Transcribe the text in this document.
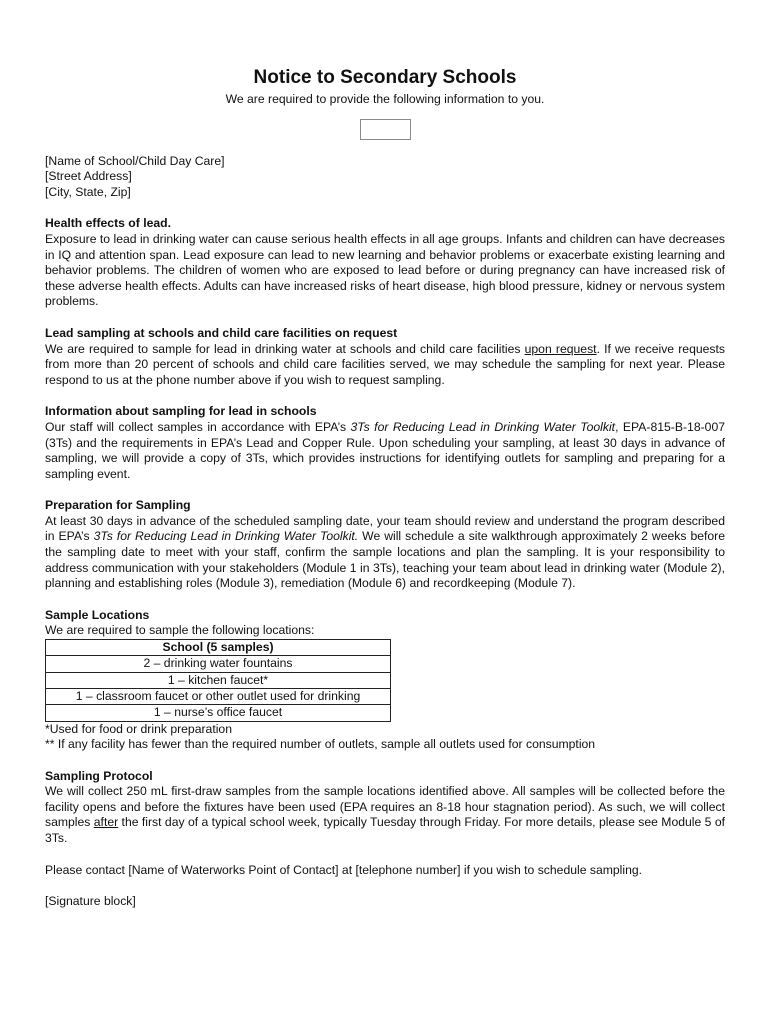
Notice to Secondary Schools

We are required to provide the following information to you.

[Name of School/Child Day Care]
[Street Address]
[City, State, Zip]

Health effects of lead.

Exposure to lead in drinking water can cause serious health effects in all age groups. Infants and children can have decreases in IQ and attention span. Lead exposure can lead to new learning and behavior problems or exacerbate existing learning and behavior problems. The children of women who are exposed to lead before or during pregnancy can have increased risk of these adverse health effects. Adults can have increased risks of heart disease, high blood pressure, kidney or nervous system problems.

Lead sampling at schools and child care facilities on request

We are required to sample for lead in drinking water at schools and child care facilities upon request. If we receive requests from more than 20 percent of schools and child care facilities served, we may schedule the sampling for next year. Please respond to us at the phone number above if you wish to request sampling.

Information about sampling for lead in schools

Our staff will collect samples in accordance with EPA’s 3Ts for Reducing Lead in Drinking Water Toolkit, EPA-815-B-18-007 (3Ts) and the requirements in EPA’s Lead and Copper Rule. Upon scheduling your sampling, at least 30 days in advance of sampling, we will provide a copy of 3Ts, which provides instructions for identifying outlets for sampling and preparing for a sampling event.

Preparation for Sampling

At least 30 days in advance of the scheduled sampling date, your team should review and understand the program described in EPA’s 3Ts for Reducing Lead in Drinking Water Toolkit. We will schedule a site walkthrough approximately 2 weeks before the sampling date to meet with your staff, confirm the sample locations and plan the sampling. It is your responsibility to address communication with your stakeholders (Module 1 in 3Ts), teaching your team about lead in drinking water (Module 2), planning and establishing roles (Module 3), remediation (Module 6) and recordkeeping (Module 7).

Sample Locations

We are required to sample the following locations:

School (5 samples)
2 – drinking water fountains
1 – kitchen faucet*
1 – classroom faucet or other outlet used for drinking
1 – nurse’s office faucet

*Used for food or drink preparation

** If any facility has fewer than the required number of outlets, sample all outlets used for consumption

Sampling Protocol

We will collect 250 mL first-draw samples from the sample locations identified above. All samples will be collected before the facility opens and before the fixtures have been used (EPA requires an 8-18 hour stagnation period). As such, we will collect samples after the first day of a typical school week, typically Tuesday through Friday. For more details, please see Module 5 of 3Ts.

Please contact [Name of Waterworks Point of Contact] at [telephone number] if you wish to schedule sampling.

[Signature block]
